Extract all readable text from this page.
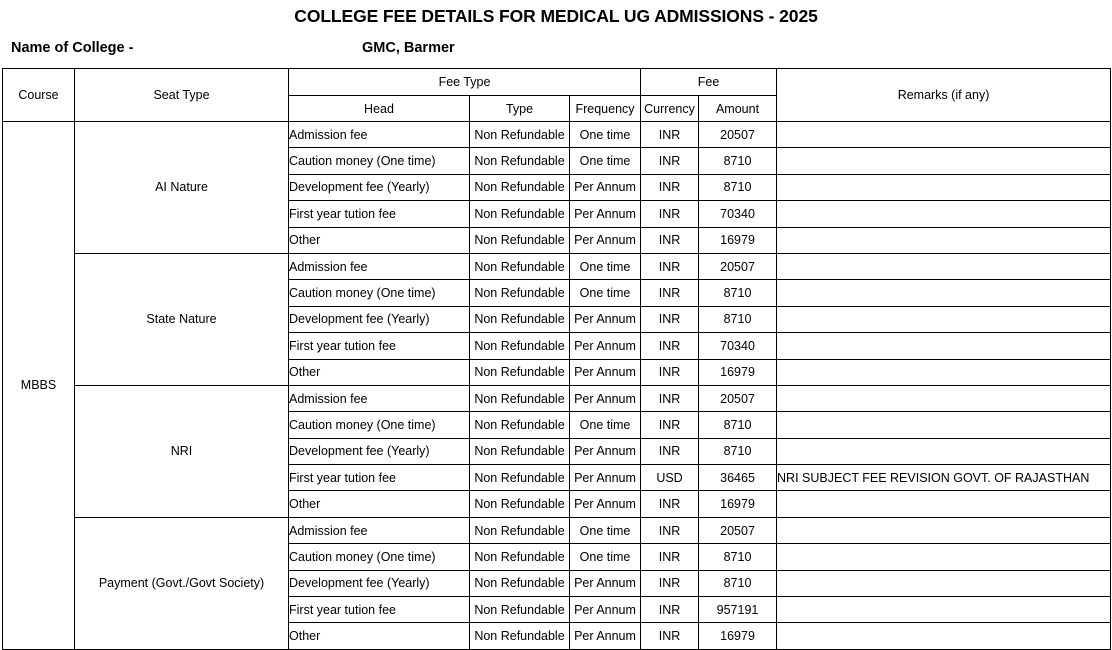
COLLEGE FEE DETAILS FOR MEDICAL UG ADMISSIONS - 2025
Name of College -	GMC, Barmer
Course	Seat Type	Fee Type			Fee		Remarks (if any)
		Head	Type	Frequency	Currency	Amount	
MBBS	AI Nature	Admission fee	Non Refundable	One time	INR	20507	
		Caution money (One time)	Non Refundable	One time	INR	8710	
		Development fee (Yearly)	Non Refundable	Per Annum	INR	8710	
		First year tution fee	Non Refundable	Per Annum	INR	70340	
		Other	Non Refundable	Per Annum	INR	16979	
	State Nature	Admission fee	Non Refundable	One time	INR	20507	
		Caution money (One time)	Non Refundable	One time	INR	8710	
		Development fee (Yearly)	Non Refundable	Per Annum	INR	8710	
		First year tution fee	Non Refundable	Per Annum	INR	70340	
		Other	Non Refundable	Per Annum	INR	16979	
	NRI	Admission fee	Non Refundable	Per Annum	INR	20507	
		Caution money (One time)	Non Refundable	One time	INR	8710	
		Development fee (Yearly)	Non Refundable	Per Annum	INR	8710	
		First year tution fee	Non Refundable	Per Annum	USD	36465	NRI SUBJECT FEE REVISION GOVT. OF RAJASTHAN
		Other	Non Refundable	Per Annum	INR	16979	
	Payment (Govt./Govt Society)	Admission fee	Non Refundable	One time	INR	20507	
		Caution money (One time)	Non Refundable	One time	INR	8710	
		Development fee (Yearly)	Non Refundable	Per Annum	INR	8710	
		First year tution fee	Non Refundable	Per Annum	INR	957191	
		Other	Non Refundable	Per Annum	INR	16979	
